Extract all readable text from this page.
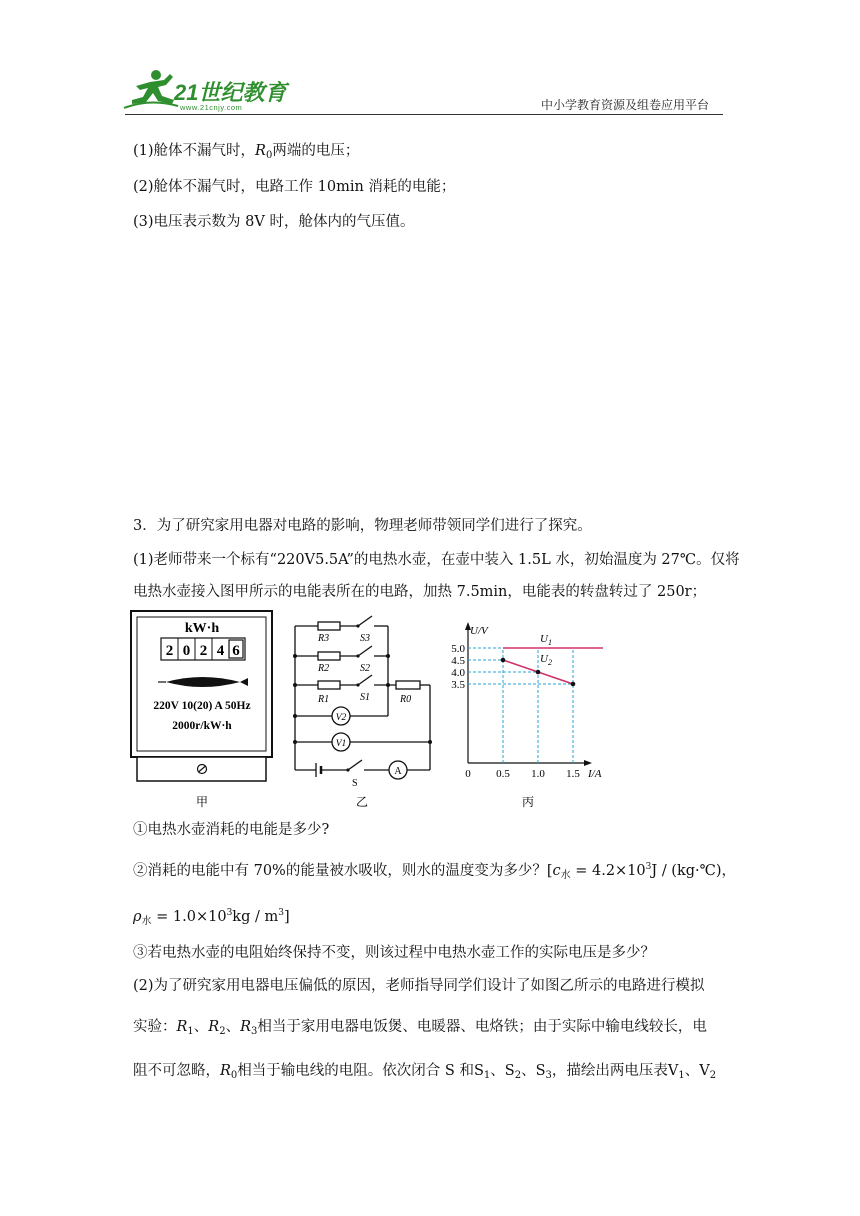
21世纪教育
www.21cnjy.com	中小学教育资源及组卷应用平台
(1)舱体不漏气时，$R_0$两端的电压；
(2)舱体不漏气时，电路工作 10min 消耗的电能；
(3)电压表示数为 8V 时，舱体内的气压值。
3．为了研究家用电器对电路的影响，物理老师带领同学们进行了探究。
(1)老师带来一个标有“220V5.5A”的电热水壶，在壶中装入 1.5L 水，初始温度为 27℃。仅将
电热水壶接入图甲所示的电能表所在的电路，加热 7.5min，电能表的转盘转过了 250r；
kW·h
2 0 2 4 6
220V 10(20) A 50Hz
2000r/kW·h
甲
V2
V1
A
R3	S3
R2	S2
R1	S1	R0
S
乙
U/V
I/A
5.0
4.5
4.0
3.5
0 0.5 1.0 1.5
$U_1$
$U_2$
丙
①电热水壶消耗的电能是多少?
②消耗的电能中有 70%的能量被水吸收，则水的温度变为多少？[$c_水 = 4.2\times 10^3J$ / (kg·℃)，
$\rho_水 = 1.0\times 10^3kg / m^3$]
③若电热水壶的电阻始终保持不变，则该过程中电热水壶工作的实际电压是多少？
(2)为了研究家用电器电压偏低的原因，老师指导同学们设计了如图乙所示的电路进行模拟
实验：$R_1$、$R_2$、$R_3$相当于家用电器电饭煲、电暖器、电烙铁；由于实际中输电线较长，电
阻不可忽略，$R_0$相当于输电线的电阻。依次闭合 S 和$S_1$、$S_2$、$S_3$，描绘出两电压表$V_1$、$V_2$
